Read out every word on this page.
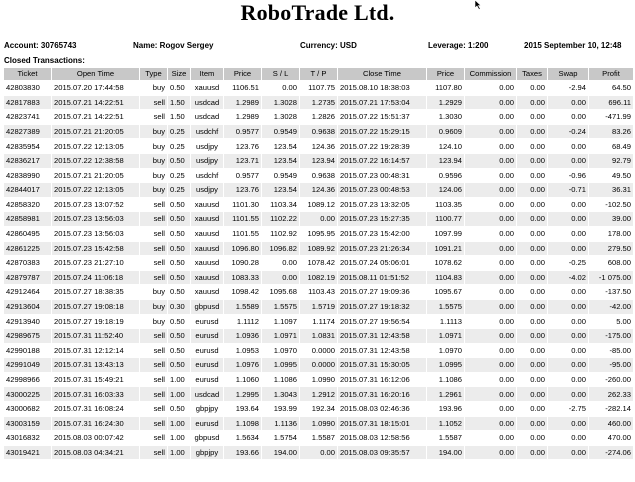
RoboTrade Ltd.
Account: 30765743	Name: Rogov Sergey	Currency: USD	Leverage: 1:200	2015 September 10, 12:48
Closed Transactions:
Ticket	Open Time	Type	Size	Item	Price	S / L	T / P	Close Time	Price	Commission	Taxes	Swap	Profit
42803830	2015.07.20 17:44:58	buy	0.50	xauusd	1106.51	0.00	1107.75	2015.08.10 18:38:03	1107.80	0.00	0.00	-2.94	64.50
42817883	2015.07.21 14:22:51	sell	1.50	usdcad	1.2989	1.3028	1.2735	2015.07.21 17:53:04	1.2929	0.00	0.00	0.00	696.11
42823741	2015.07.21 14:22:51	sell	1.50	usdcad	1.2989	1.3028	1.2826	2015.07.22 15:51:37	1.3030	0.00	0.00	0.00	-471.99
42827389	2015.07.21 21:20:05	buy	0.25	usdchf	0.9577	0.9549	0.9638	2015.07.22 15:29:15	0.9609	0.00	0.00	-0.24	83.26
42835954	2015.07.22 12:13:05	buy	0.25	usdjpy	123.76	123.54	124.36	2015.07.22 19:28:39	124.10	0.00	0.00	0.00	68.49
42836217	2015.07.22 12:38:58	buy	0.50	usdjpy	123.71	123.54	123.94	2015.07.22 16:14:57	123.94	0.00	0.00	0.00	92.79
42838990	2015.07.21 21:20:05	buy	0.25	usdchf	0.9577	0.9549	0.9638	2015.07.23 00:48:31	0.9596	0.00	0.00	-0.96	49.50
42844017	2015.07.22 12:13:05	buy	0.25	usdjpy	123.76	123.54	124.36	2015.07.23 00:48:53	124.06	0.00	0.00	-0.71	36.31
42858320	2015.07.23 13:07:52	sell	0.50	xauusd	1101.30	1103.34	1089.12	2015.07.23 13:32:05	1103.35	0.00	0.00	0.00	-102.50
42858981	2015.07.23 13:56:03	sell	0.50	xauusd	1101.55	1102.22	0.00	2015.07.23 15:27:35	1100.77	0.00	0.00	0.00	39.00
42860495	2015.07.23 13:56:03	sell	0.50	xauusd	1101.55	1102.92	1095.95	2015.07.23 15:42:00	1097.99	0.00	0.00	0.00	178.00
42861225	2015.07.23 15:42:58	sell	0.50	xauusd	1096.80	1096.82	1089.92	2015.07.23 21:26:34	1091.21	0.00	0.00	0.00	279.50
42870383	2015.07.23 21:27:10	sell	0.50	xauusd	1090.28	0.00	1078.42	2015.07.24 05:06:01	1078.62	0.00	0.00	-0.25	608.00
42879787	2015.07.24 11:06:18	sell	0.50	xauusd	1083.33	0.00	1082.19	2015.08.11 01:51:52	1104.83	0.00	0.00	-4.02	-1 075.00
42912464	2015.07.27 18:38:35	buy	0.50	xauusd	1098.42	1095.68	1103.43	2015.07.27 19:09:36	1095.67	0.00	0.00	0.00	-137.50
42913604	2015.07.27 19:08:18	buy	0.30	gbpusd	1.5589	1.5575	1.5719	2015.07.27 19:18:32	1.5575	0.00	0.00	0.00	-42.00
42913940	2015.07.27 19:18:19	buy	0.50	eurusd	1.1112	1.1097	1.1174	2015.07.27 19:56:54	1.1113	0.00	0.00	0.00	5.00
42989675	2015.07.31 11:52:40	sell	0.50	eurusd	1.0936	1.0971	1.0831	2015.07.31 12:43:58	1.0971	0.00	0.00	0.00	-175.00
42990188	2015.07.31 12:12:14	sell	0.50	eurusd	1.0953	1.0970	0.0000	2015.07.31 12:43:58	1.0970	0.00	0.00	0.00	-85.00
42991049	2015.07.31 13:43:13	sell	0.50	eurusd	1.0976	1.0995	0.0000	2015.07.31 15:30:05	1.0995	0.00	0.00	0.00	-95.00
42998966	2015.07.31 15:49:21	sell	1.00	eurusd	1.1060	1.1086	1.0990	2015.07.31 16:12:06	1.1086	0.00	0.00	0.00	-260.00
43000225	2015.07.31 16:03:33	sell	1.00	usdcad	1.2995	1.3043	1.2912	2015.07.31 16:20:16	1.2961	0.00	0.00	0.00	262.33
43000682	2015.07.31 16:08:24	sell	0.50	gbpjpy	193.64	193.99	192.34	2015.08.03 02:46:36	193.96	0.00	0.00	-2.75	-282.14
43003159	2015.07.31 16:24:30	sell	1.00	eurusd	1.1098	1.1136	1.0990	2015.07.31 18:15:01	1.1052	0.00	0.00	0.00	460.00
43016832	2015.08.03 00:07:42	sell	1.00	gbpusd	1.5634	1.5754	1.5587	2015.08.03 12:58:56	1.5587	0.00	0.00	0.00	470.00
43019421	2015.08.03 04:34:21	sell	1.00	gbpjpy	193.66	194.00	0.00	2015.08.03 09:35:57	194.00	0.00	0.00	0.00	-274.06
